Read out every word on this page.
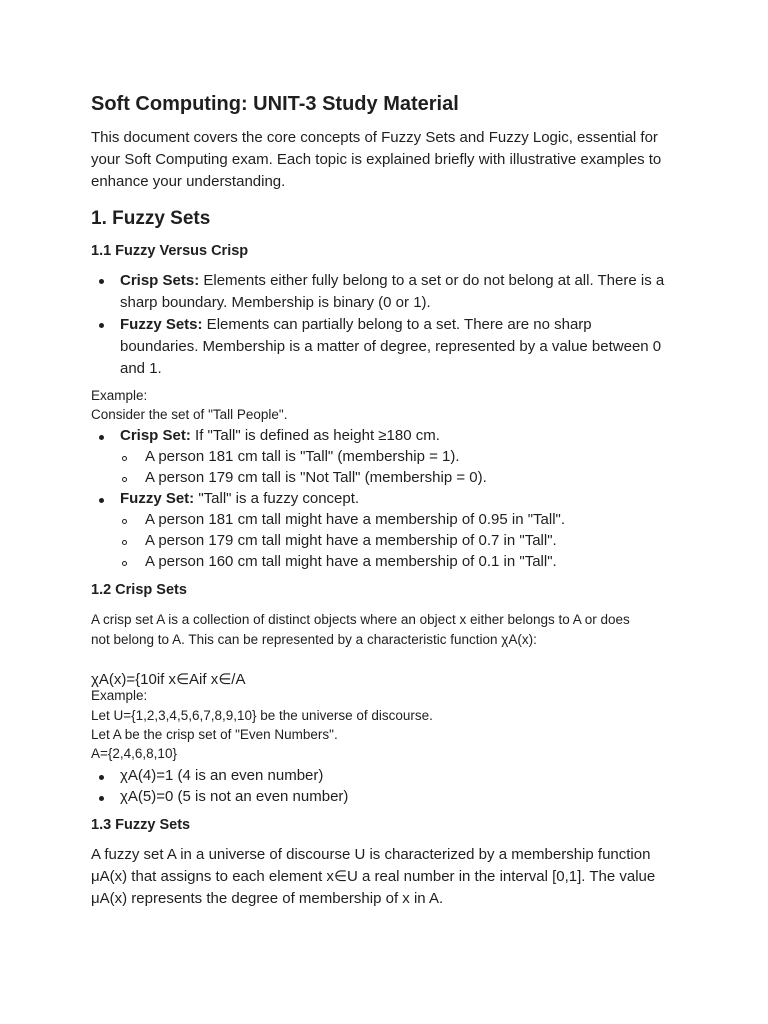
Soft Computing: UNIT-3 Study Material
This document covers the core concepts of Fuzzy Sets and Fuzzy Logic, essential for
your Soft Computing exam. Each topic is explained briefly with illustrative examples to
enhance your understanding.
1. Fuzzy Sets
1.1 Fuzzy Versus Crisp
Crisp Sets: Elements either fully belong to a set or do not belong at all. There is a
sharp boundary. Membership is binary (0 or 1).
Fuzzy Sets: Elements can partially belong to a set. There are no sharp
boundaries. Membership is a matter of degree, represented by a value between 0
and 1.
Example:
Consider the set of "Tall People".
Crisp Set: If "Tall" is defined as height ≥180 cm.
A person 181 cm tall is "Tall" (membership = 1).
A person 179 cm tall is "Not Tall" (membership = 0).
Fuzzy Set: "Tall" is a fuzzy concept.
A person 181 cm tall might have a membership of 0.95 in "Tall".
A person 179 cm tall might have a membership of 0.7 in "Tall".
A person 160 cm tall might have a membership of 0.1 in "Tall".
1.2 Crisp Sets
A crisp set A is a collection of distinct objects where an object x either belongs to A or does
not belong to A. This can be represented by a characteristic function χA(x):
χA(x)={10if x∈Aif x∈/A
Example:
Let U={1,2,3,4,5,6,7,8,9,10} be the universe of discourse.
Let A be the crisp set of "Even Numbers".
A={2,4,6,8,10}
χA(4)=1 (4 is an even number)
χA(5)=0 (5 is not an even number)
1.3 Fuzzy Sets
A fuzzy set A in a universe of discourse U is characterized by a membership function
μA(x) that assigns to each element x∈U a real number in the interval [0,1]. The value
μA(x) represents the degree of membership of x in A.
